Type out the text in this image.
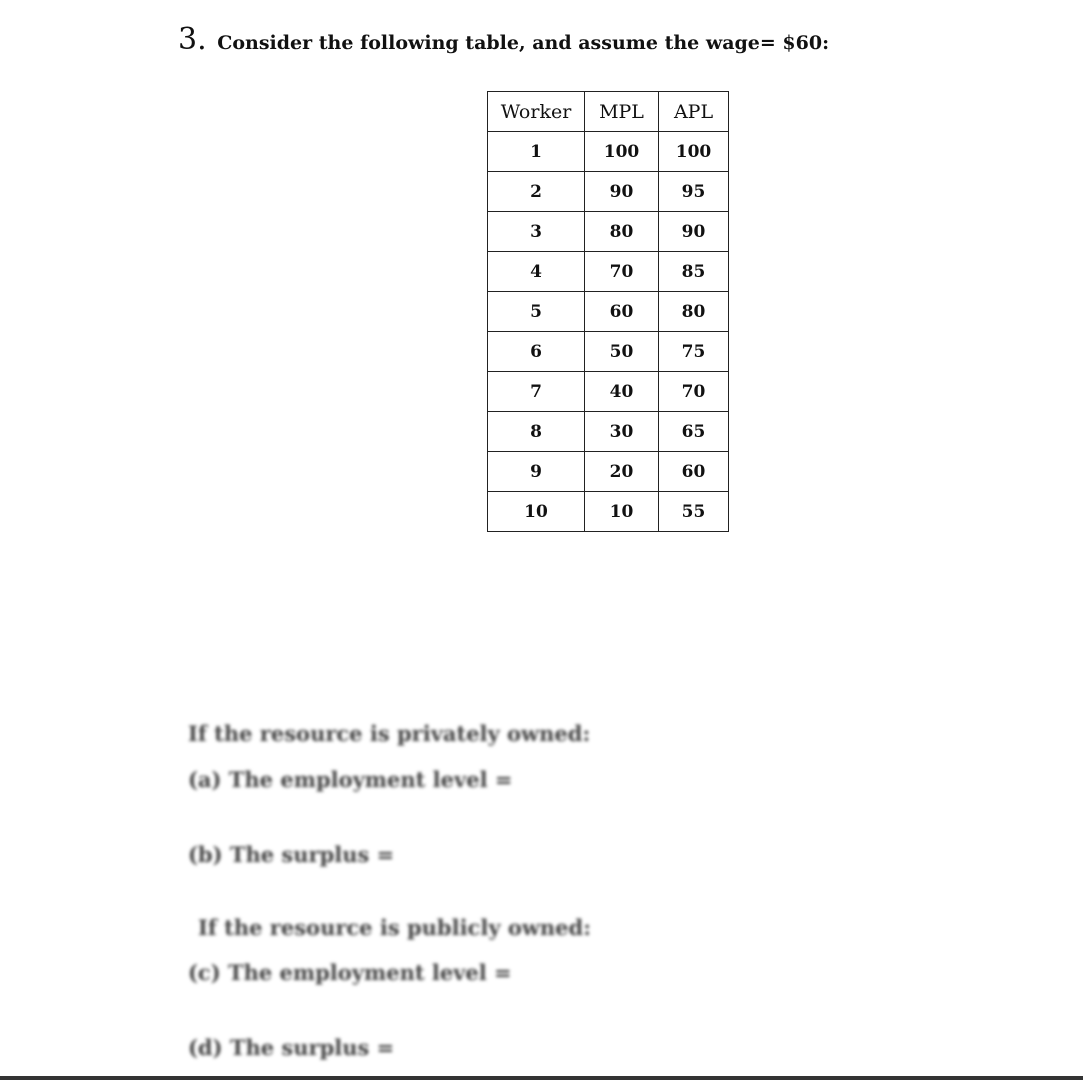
3. Consider the following table, and assume the wage= $60:
Worker	MPL	APL
1	100	100
2	90	95
3	80	90
4	70	85
5	60	80
6	50	75
7	40	70
8	30	65
9	20	60
10	10	55
If the resource is privately owned:
(a) The employment level =
(b) The surplus =
If the resource is publicly owned:
(c) The employment level =
(d) The surplus =
